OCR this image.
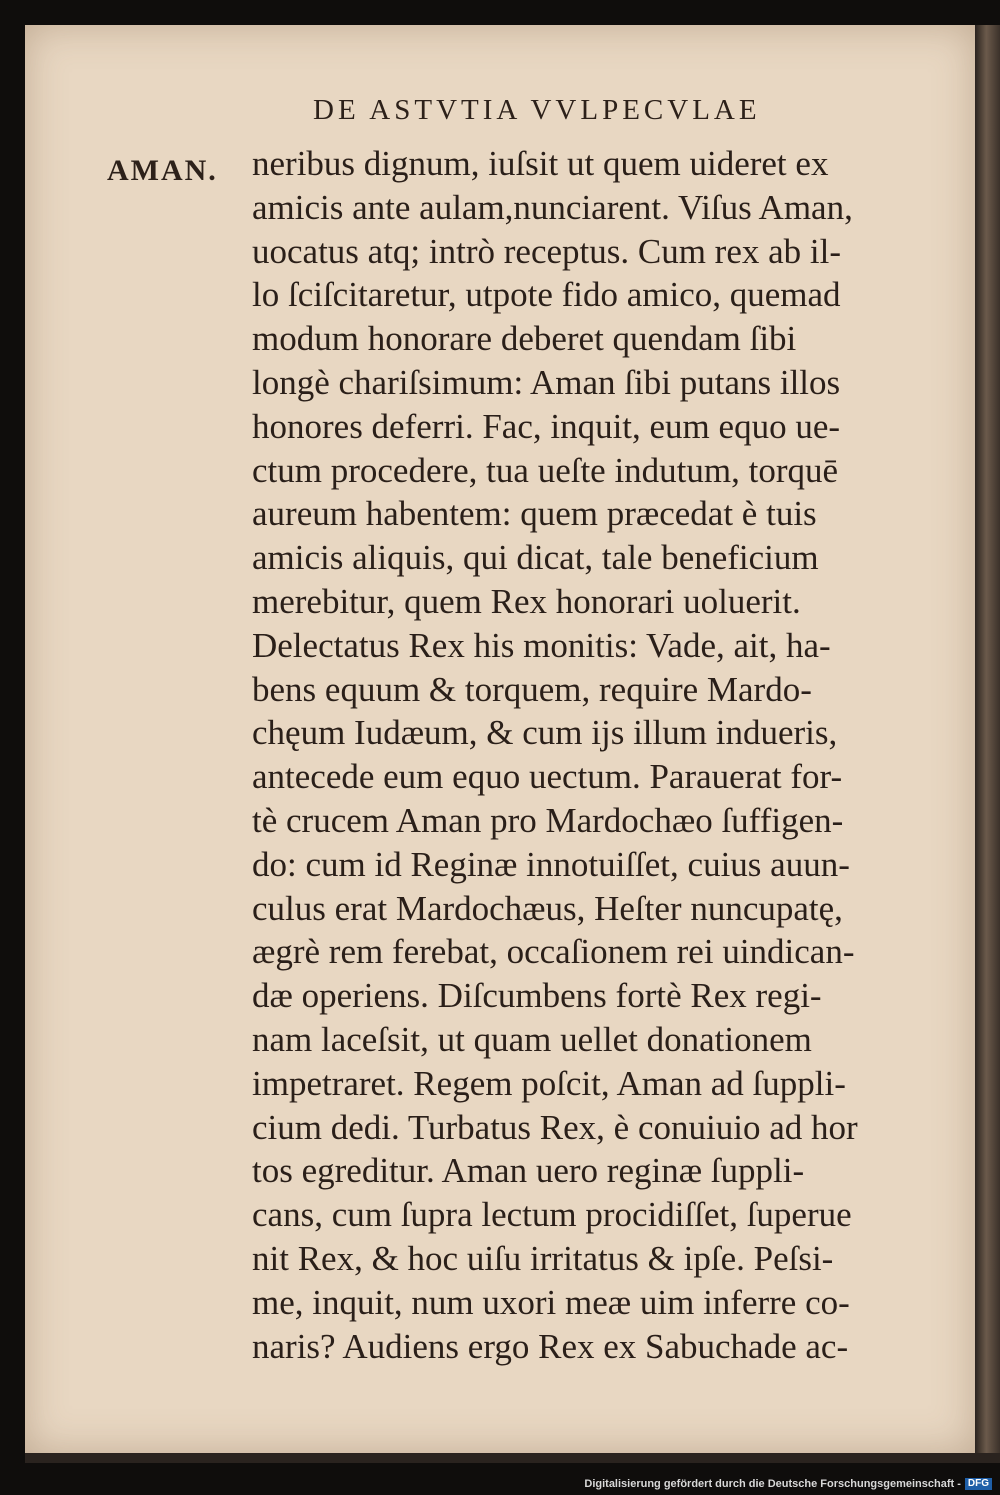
DE ASTVTIA VVLPECVLAE
AMAN. neribus dignum, iuſsit ut quem uideret ex
amicis ante aulam,nunciarent. Viſus Aman,
uocatus atq; intrò receptus. Cum rex ab il-
lo ſciſcitaretur, utpote fido amico, quemad
modum honorare deberet quendam ſibi
longè chariſsimum: Aman ſibi putans illos
honores deferri. Fac, inquit, eum equo ue-
ctum procedere, tua ueſte indutum, torquē
aureum habentem: quem præcedat è tuis
amicis aliquis, qui dicat, tale beneficium
merebitur, quem Rex honorari uoluerit.
Delectatus Rex his monitis: Vade, ait, ha-
bens equum & torquem, require Mardo-
chęum Iudæum, & cum ijs illum indueris,
antecede eum equo uectum. Parauerat for-
tè crucem Aman pro Mardochæo ſuffigen-
do: cum id Reginæ innotuiſſet, cuius auun-
culus erat Mardochæus, Heſter nuncupatę,
ægrè rem ferebat, occaſionem rei uindican-
dæ operiens. Diſcumbens fortè Rex regi-
nam laceſsit, ut quam uellet donationem
impetraret. Regem poſcit, Aman ad ſuppli-
cium dedi. Turbatus Rex, è conuiuio ad hor
tos egreditur. Aman uero reginæ ſuppli-
cans, cum ſupra lectum procidiſſet, ſuperue
nit Rex, & hoc uiſu irritatus & ipſe. Peſsi-
me, inquit, num uxori meæ uim inferre co-
naris? Audiens ergo Rex ex Sabuchade ac-
Digitalisierung gefördert durch die Deutsche Forschungsgemeinschaft - DFG
